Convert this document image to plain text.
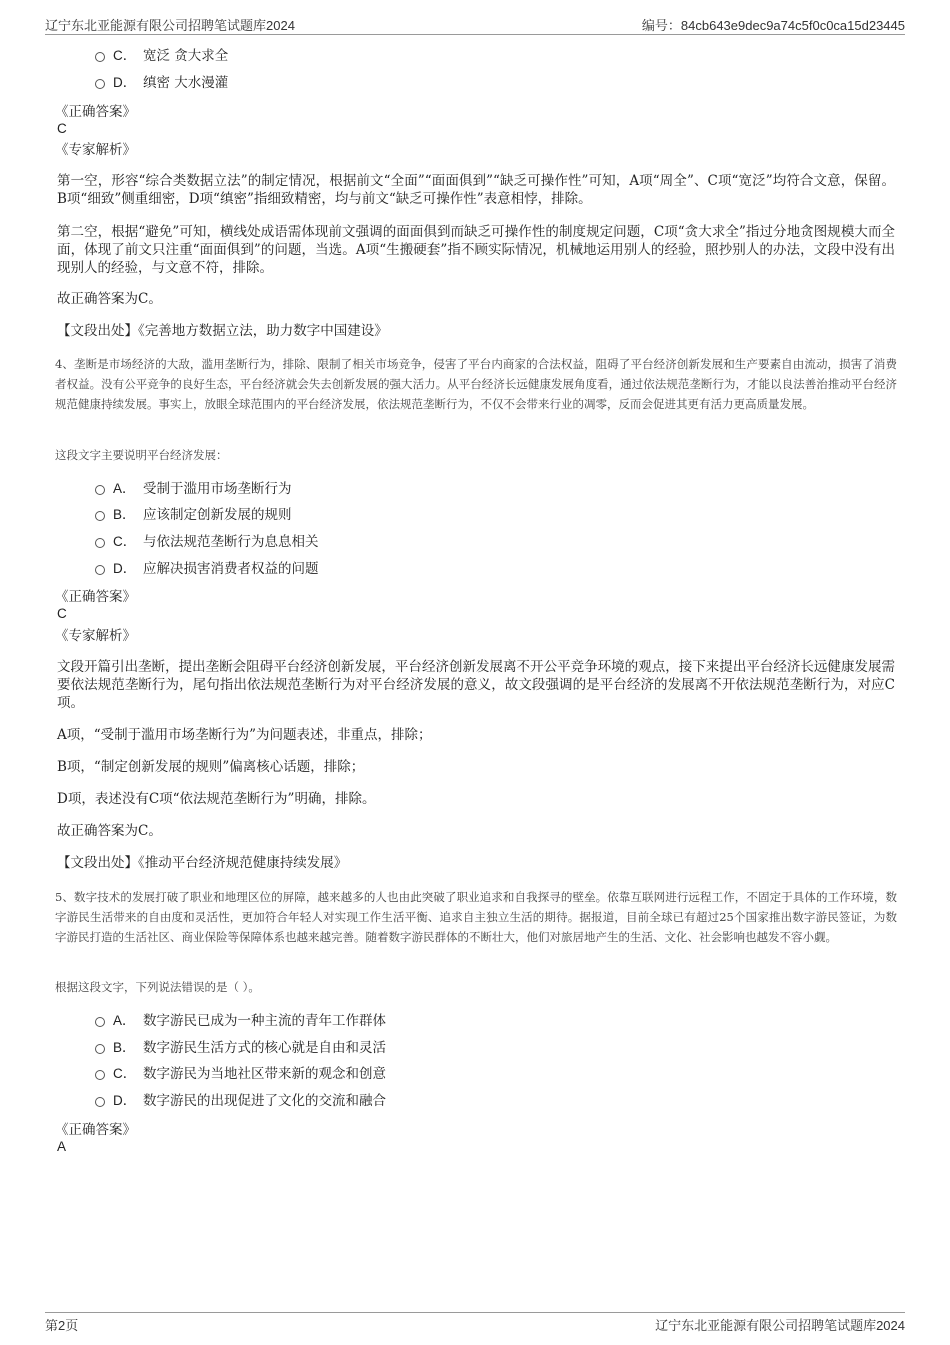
辽宁东北亚能源有限公司招聘笔试题库2024	编号：84cb643e9dec9a74c5f0c0ca15d23445
C． 宽泛 贪大求全
D． 缜密 大水漫灌
《正确答案》
C
《专家解析》
第一空，形容“综合类数据立法”的制定情况，根据前文“全面”“面面俱到”“缺乏可操作性”可知，A项“周全”、C项“宽泛”均符合文意，保留。B项“细致”侧重细密，D项“缜密”指细致精密，均与前文“缺乏可操作性”表意相悖，排除。
第二空，根据“避免”可知，横线处成语需体现前文强调的面面俱到而缺乏可操作性的制度规定问题，C项“贪大求全”指过分地贪图规模大而全面，体现了前文只注重“面面俱到”的问题，当选。A项“生搬硬套”指不顾实际情况，机械地运用别人的经验，照抄别人的办法，文段中没有出现别人的经验，与文意不符，排除。
故正确答案为C。
【文段出处】《完善地方数据立法，助力数字中国建设》
4、垄断是市场经济的大敌，滥用垄断行为，排除、限制了相关市场竞争，侵害了平台内商家的合法权益，阻碍了平台经济创新发展和生产要素自由流动，损害了消费者权益。没有公平竞争的良好生态，平台经济就会失去创新发展的强大活力。从平台经济长远健康发展角度看，通过依法规范垄断行为，才能以良法善治推动平台经济规范健康持续发展。事实上，放眼全球范围内的平台经济发展，依法规范垄断行为，不仅不会带来行业的凋零，反而会促进其更有活力更高质量发展。
这段文字主要说明平台经济发展：
A． 受制于滥用市场垄断行为
B． 应该制定创新发展的规则
C． 与依法规范垄断行为息息相关
D． 应解决损害消费者权益的问题
《正确答案》
C
《专家解析》
文段开篇引出垄断，提出垄断会阻碍平台经济创新发展，平台经济创新发展离不开公平竞争环境的观点，接下来提出平台经济长远健康发展需要依法规范垄断行为，尾句指出依法规范垄断行为对平台经济发展的意义，故文段强调的是平台经济的发展离不开依法规范垄断行为，对应C项。
A项，“受制于滥用市场垄断行为”为问题表述，非重点，排除；
B项，“制定创新发展的规则”偏离核心话题，排除；
D项，表述没有C项“依法规范垄断行为”明确，排除。
故正确答案为C。
【文段出处】《推动平台经济规范健康持续发展》
5、数字技术的发展打破了职业和地理区位的屏障，越来越多的人也由此突破了职业追求和自我探寻的壁垒。依靠互联网进行远程工作，不固定于具体的工作环境，数字游民生活带来的自由度和灵活性，更加符合年轻人对实现工作生活平衡、追求自主独立生活的期待。据报道，目前全球已有超过25个国家推出数字游民签证，为数字游民打造的生活社区、商业保险等保障体系也越来越完善。随着数字游民群体的不断壮大，他们对旅居地产生的生活、文化、社会影响也越发不容小觑。
根据这段文字，下列说法错误的是（ ）。
A． 数字游民已成为一种主流的青年工作群体
B． 数字游民生活方式的核心就是自由和灵活
C． 数字游民为当地社区带来新的观念和创意
D． 数字游民的出现促进了文化的交流和融合
《正确答案》
A
第2页	辽宁东北亚能源有限公司招聘笔试题库2024
